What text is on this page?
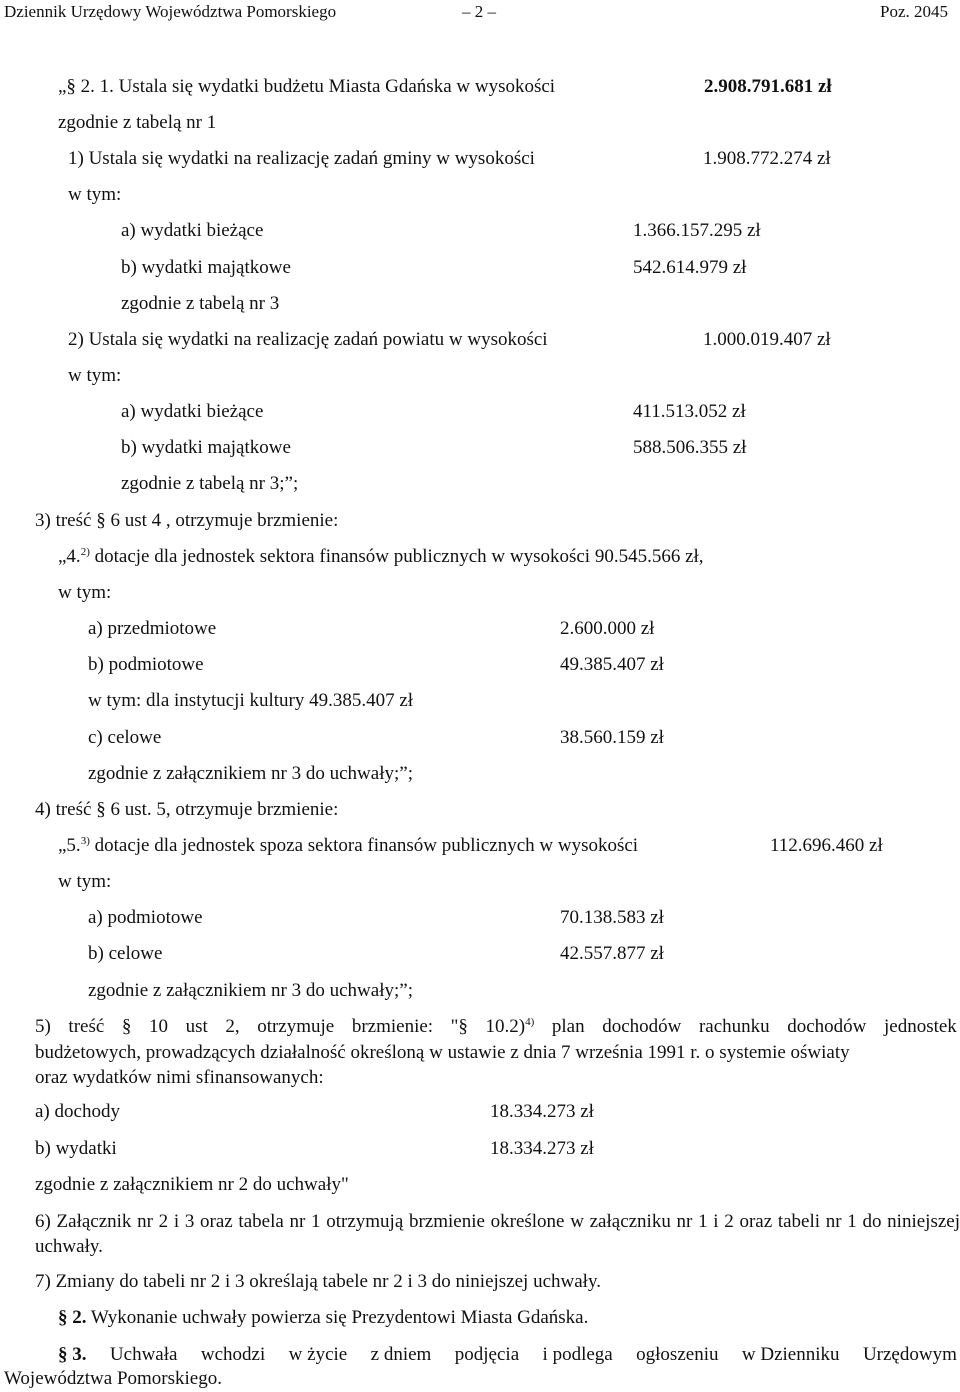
Dziennik Urzędowy Województwa Pomorskiego	– 2 –	Poz. 2045
„§ 2. 1. Ustala się wydatki budżetu Miasta Gdańska w wysokości	2.908.791.681 zł
zgodnie z tabelą nr 1
1) Ustala się wydatki na realizację zadań gminy w wysokości	1.908.772.274 zł
w tym:
a) wydatki bieżące	1.366.157.295 zł
b) wydatki majątkowe	542.614.979 zł
zgodnie z tabelą nr 3
2) Ustala się wydatki na realizację zadań powiatu w wysokości	1.000.019.407 zł
w tym:
a) wydatki bieżące	411.513.052 zł
b) wydatki majątkowe	588.506.355 zł
zgodnie z tabelą nr 3;”;
3) treść § 6 ust 4 , otrzymuje brzmienie:
„4.$^{2)}$ dotacje dla jednostek sektora finansów publicznych w wysokości 90.545.566 zł,
w tym:
a) przedmiotowe	2.600.000 zł
b) podmiotowe	49.385.407 zł
w tym: dla instytucji kultury 49.385.407 zł
c) celowe	38.560.159 zł
zgodnie z załącznikiem nr 3 do uchwały;”;
4) treść § 6 ust. 5, otrzymuje brzmienie:
„5.$^{3)}$ dotacje dla jednostek spoza sektora finansów publicznych w wysokości	112.696.460 zł
w tym:
a) podmiotowe	70.138.583 zł
b) celowe	42.557.877 zł
zgodnie z załącznikiem nr 3 do uchwały;”;
5) treść § 10 ust 2, otrzymuje brzmienie: "§ 10.2)$^{4)}$ plan dochodów rachunku dochodów jednostek
budżetowych, prowadzących działalność określoną w ustawie z dnia 7 września 1991 r. o systemie oświaty
oraz wydatków nimi sfinansowanych:
a) dochody	18.334.273 zł
b) wydatki	18.334.273 zł
zgodnie z załącznikiem nr 2 do uchwały"
6) Załącznik nr 2 i 3 oraz tabela nr 1 otrzymują brzmienie określone w załączniku nr 1 i 2 oraz tabeli nr 1 do niniejszej uchwały.
7) Zmiany do tabeli nr 2 i 3 określają tabele nr 2 i 3 do niniejszej uchwały.
§ 2. Wykonanie uchwały powierza się Prezydentowi Miasta Gdańska.
§ 3. Uchwała wchodzi w życie z dniem podjęcia i podlega ogłoszeniu w Dzienniku Urzędowym
Województwa Pomorskiego.
